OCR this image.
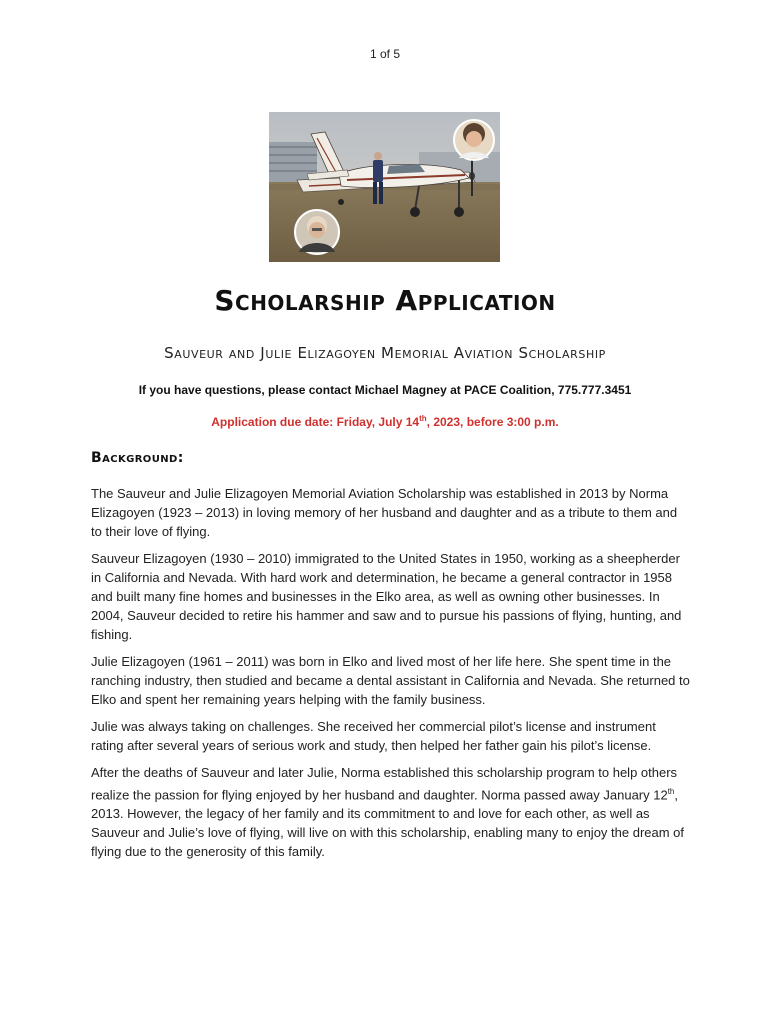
1 of 5
Scholarship Application
Sauveur and Julie Elizagoyen Memorial Aviation Scholarship
If you have questions, please contact Michael Magney at PACE Coalition, 775.777.3451
Application due date: Friday, July 14th, 2023, before 3:00 p.m.
Background:

The Sauveur and Julie Elizagoyen Memorial Aviation Scholarship was established in 2013 by Norma Elizagoyen (1923 – 2013) in loving memory of her husband and daughter and as a tribute to them and to their love of flying.

Sauveur Elizagoyen (1930 – 2010) immigrated to the United States in 1950, working as a sheepherder in California and Nevada. With hard work and determination, he became a general contractor in 1958 and built many fine homes and businesses in the Elko area, as well as owning other businesses. In 2004, Sauveur decided to retire his hammer and saw and to pursue his passions of flying, hunting, and fishing.

Julie Elizagoyen (1961 – 2011) was born in Elko and lived most of her life here. She spent time in the ranching industry, then studied and became a dental assistant in California and Nevada. She returned to Elko and spent her remaining years helping with the family business.

Julie was always taking on challenges. She received her commercial pilot’s license and instrument rating after several years of serious work and study, then helped her father gain his pilot’s license.

After the deaths of Sauveur and later Julie, Norma established this scholarship program to help others realize the passion for flying enjoyed by her husband and daughter. Norma passed away January 12th, 2013. However, the legacy of her family and its commitment to and love for each other, as well as Sauveur and Julie’s love of flying, will live on with this scholarship, enabling many to enjoy the dream of flying due to the generosity of this family.
